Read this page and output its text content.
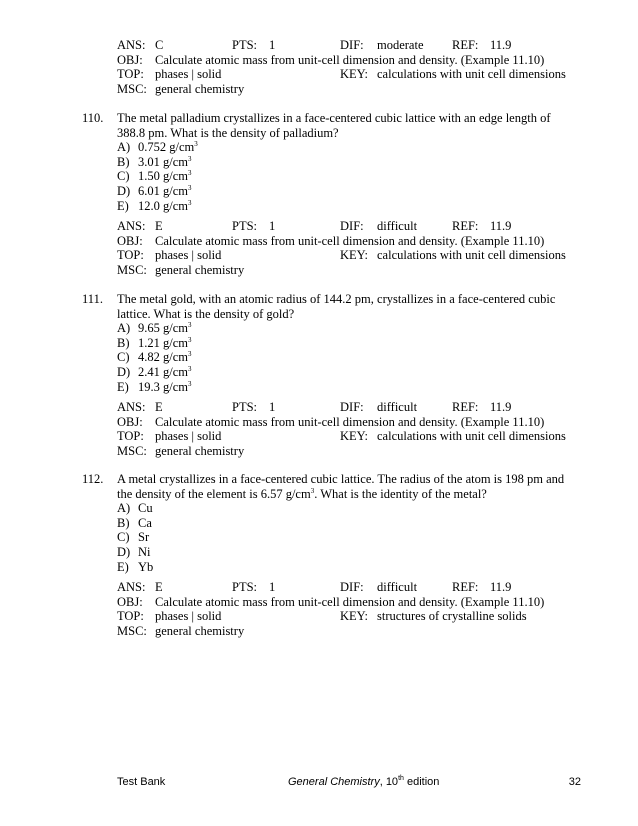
ANS: C	PTS: 1	DIF: moderate REF: 11.9
OBJ: Calculate atomic mass from unit-cell dimension and density. (Example 11.10)
TOP: phases | solid	KEY: calculations with unit cell dimensions
MSC: general chemistry
110. The metal palladium crystallizes in a face-centered cubic lattice with an edge length of 388.8 pm. What is the density of palladium?
A) 0.752 $g/cm^3$
B) 3.01 $g/cm^3$
C) 1.50 $g/cm^3$
D) 6.01 $g/cm^3$
E) 12.0 $g/cm^3$
ANS: E	PTS: 1	DIF: difficult	REF: 11.9
OBJ: Calculate atomic mass from unit-cell dimension and density. (Example 11.10)
TOP: phases | solid	KEY: calculations with unit cell dimensions
MSC: general chemistry
111. The metal gold, with an atomic radius of 144.2 pm, crystallizes in a face-centered cubic lattice. What is the density of gold?
A) 9.65 $g/cm^3$
B) 1.21 $g/cm^3$
C) 4.82 $g/cm^3$
D) 2.41 $g/cm^3$
E) 19.3 $g/cm^3$
ANS: E	PTS: 1	DIF: difficult	REF: 11.9
OBJ: Calculate atomic mass from unit-cell dimension and density. (Example 11.10)
TOP: phases | solid	KEY: calculations with unit cell dimensions
MSC: general chemistry
112. A metal crystallizes in a face-centered cubic lattice. The radius of the atom is 198 pm and the density of the element is 6.57 $g/cm^3$. What is the identity of the metal?
A) Cu
B) Ca
C) Sr
D) Ni
E) Yb
ANS: E	PTS: 1	DIF: difficult	REF: 11.9
OBJ: Calculate atomic mass from unit-cell dimension and density. (Example 11.10)
TOP: phases | solid	KEY: structures of crystalline solids
MSC: general chemistry
Test Bank	General Chemistry, 10th edition	32
